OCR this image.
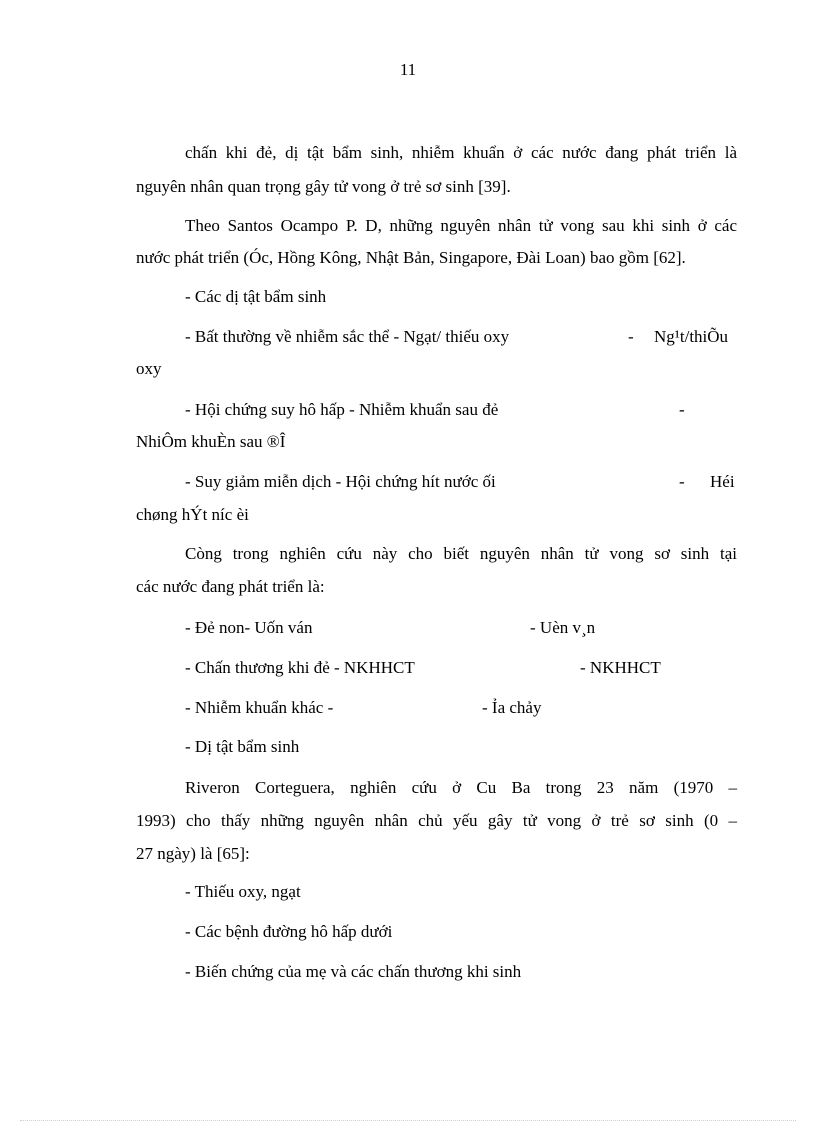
11
chấn khi đẻ, dị tật bẩm sinh, nhiễm khuẩn ở các nước đang phát triển là
nguyên nhân quan trọng gây tử vong ở trẻ sơ sinh [39].
Theo Santos Ocampo P. D, những nguyên nhân tử vong sau khi sinh ở các
nước phát triển (Óc, Hồng Kông, Nhật Bản, Singapore, Đài Loan) bao gồm [62].
- Các dị tật bẩm sinh
- Bất thường về nhiễm sắc thể - Ngạt/ thiếu oxy	- Ng¹t/thiÕu
oxy
- Hội chứng suy hô hấp - Nhiễm khuẩn sau đẻ	-
NhiÔm khuÈn sau ®Î
- Suy giảm miễn dịch - Hội chứng hít nước ối	- Héi
chøng hÝt níc èi
Còng trong nghiên cứu này cho biết nguyên nhân tử vong sơ sinh tại
các nước đang phát triển là:
- Đẻ non- Uốn ván	- Uèn v¸n
- Chấn thương khi đẻ - NKHHCT	- NKHHCT
- Nhiễm khuẩn khác -	- Ỉa chảy
- Dị tật bẩm sinh
Riveron Corteguera, nghiên cứu ở Cu Ba trong 23 năm (1970 –
1993) cho thấy những nguyên nhân chủ yếu gây tử vong ở trẻ sơ sinh (0 –
27 ngày) là [65]:
- Thiếu oxy, ngạt
- Các bệnh đường hô hấp dưới
- Biến chứng của mẹ và các chấn thương khi sinh
